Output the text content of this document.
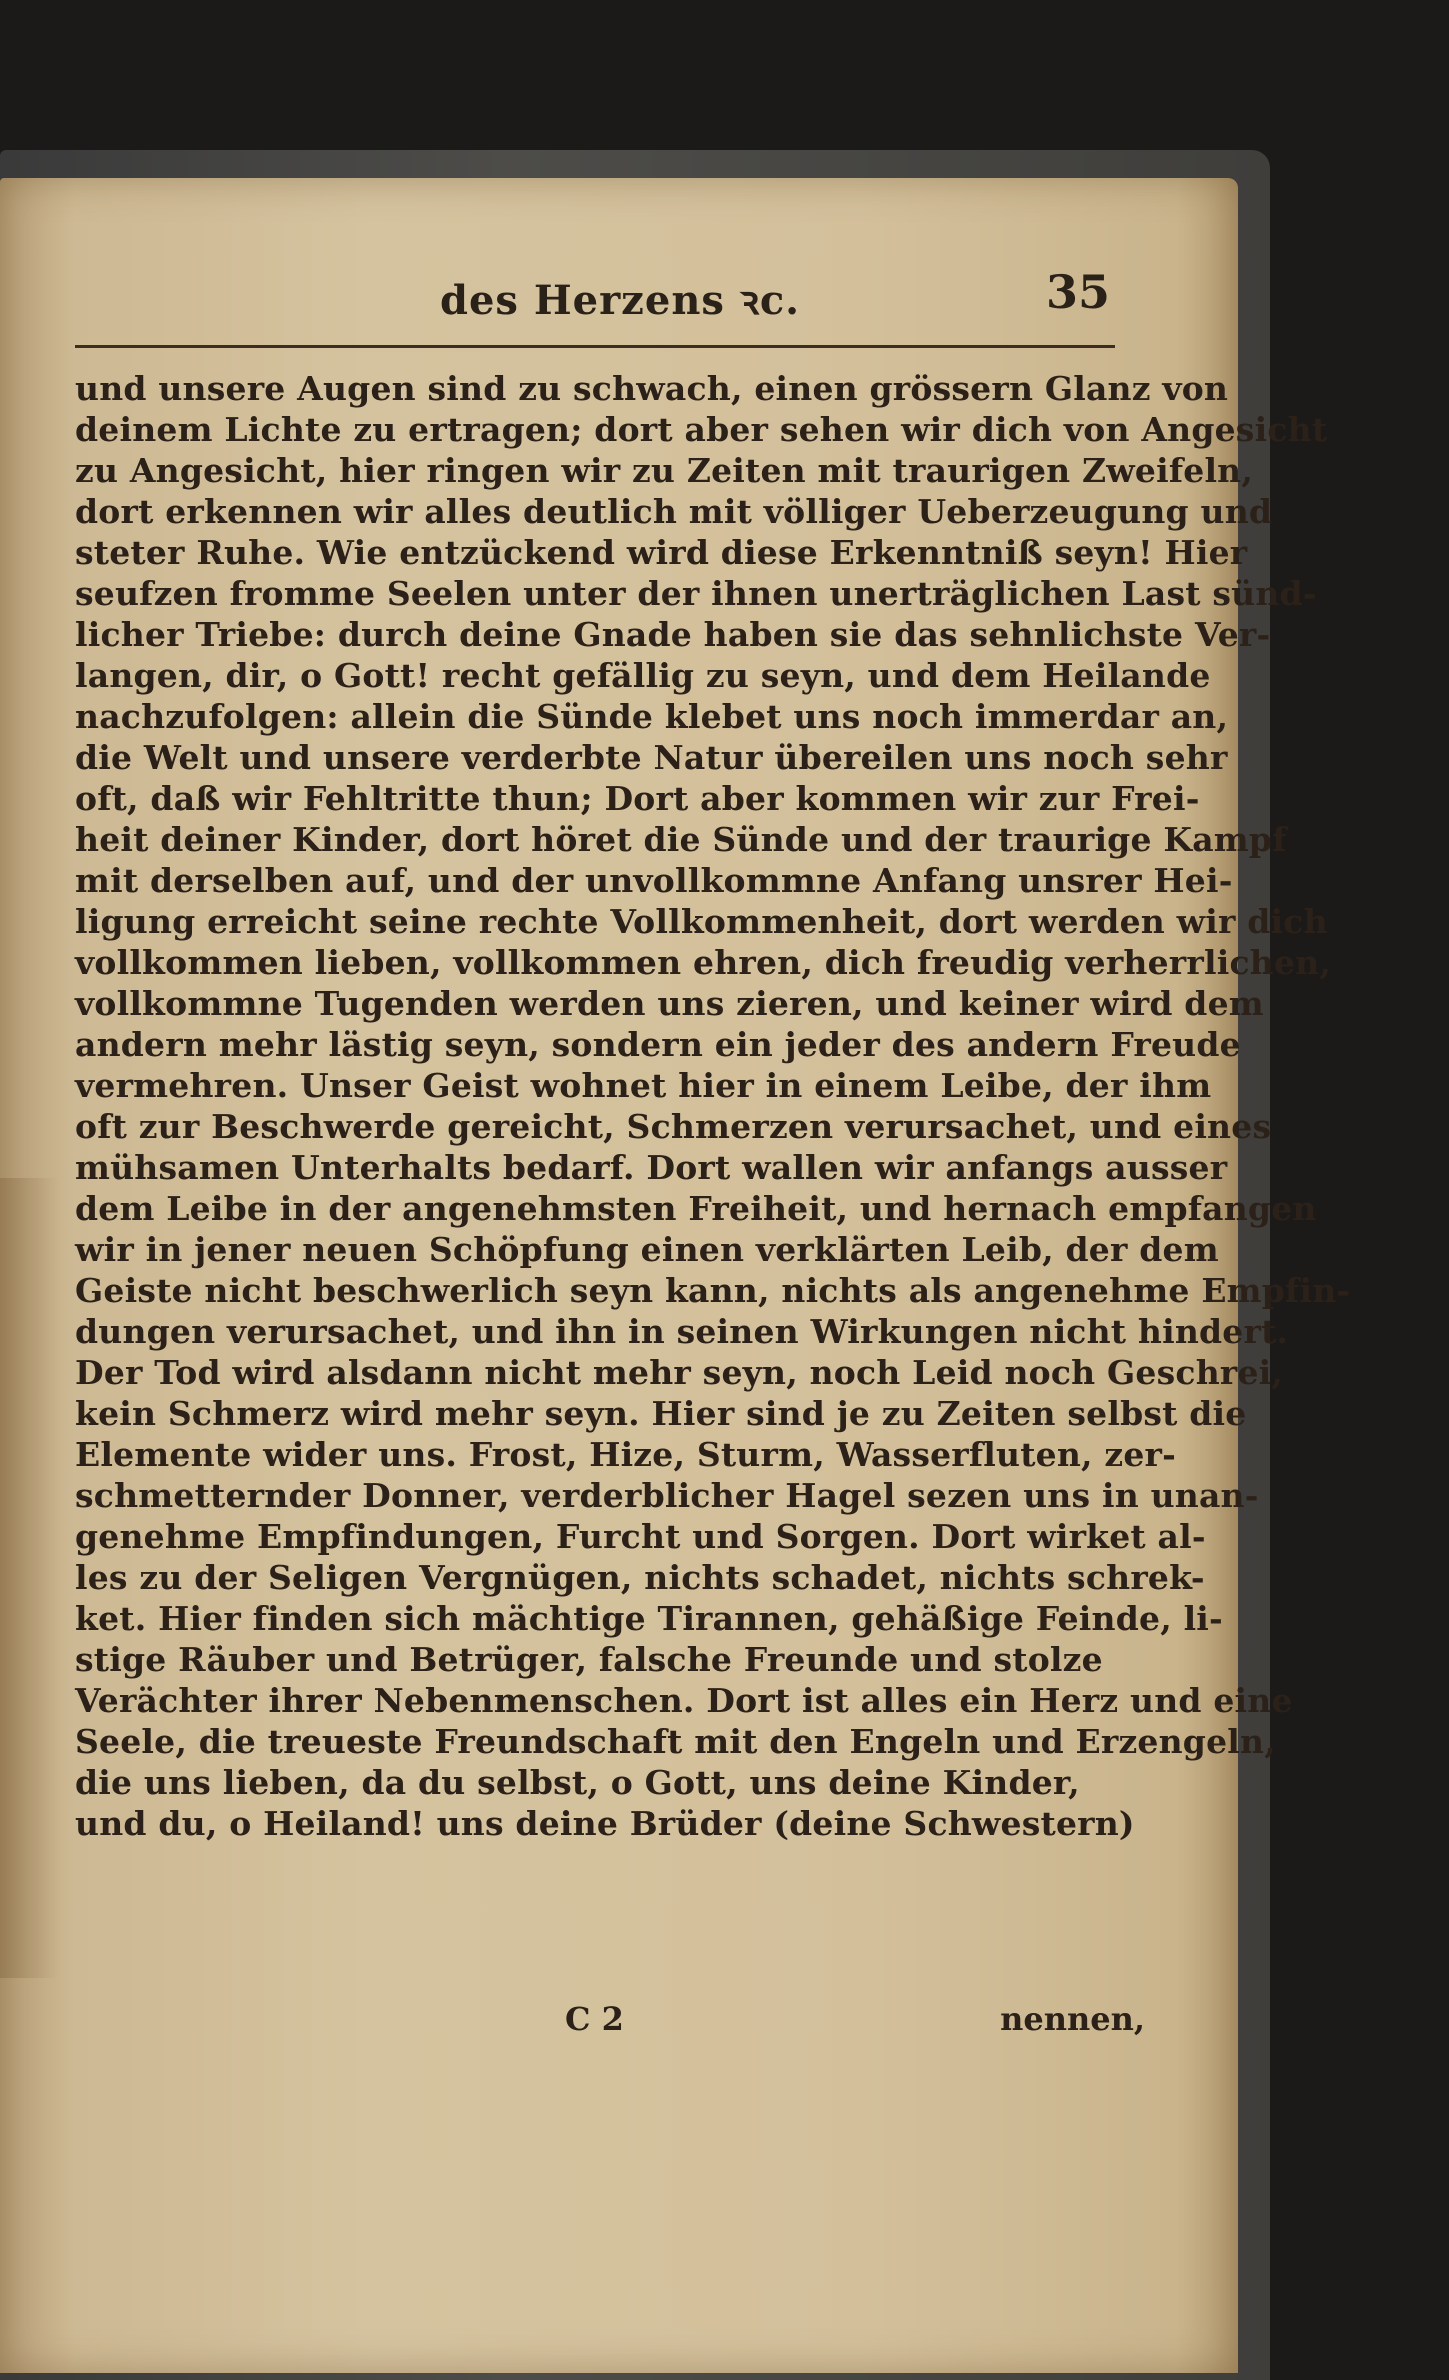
des Herzens ꝛc.	35
und unsere Augen sind zu schwach, einen grössern Glanz von
deinem Lichte zu ertragen; dort aber sehen wir dich von Angesicht
zu Angesicht, hier ringen wir zu Zeiten mit traurigen Zweifeln,
dort erkennen wir alles deutlich mit völliger Ueberzeugung und
steter Ruhe. Wie entzückend wird diese Erkenntniß seyn! Hier
seufzen fromme Seelen unter der ihnen unerträglichen Last sünd-
licher Triebe: durch deine Gnade haben sie das sehnlichste Ver-
langen, dir, o Gott! recht gefällig zu seyn, und dem Heilande
nachzufolgen: allein die Sünde klebet uns noch immerdar an,
die Welt und unsere verderbte Natur übereilen uns noch sehr
oft, daß wir Fehltritte thun; Dort aber kommen wir zur Frei-
heit deiner Kinder, dort höret die Sünde und der traurige Kampf
mit derselben auf, und der unvollkommne Anfang unsrer Hei-
ligung erreicht seine rechte Vollkommenheit, dort werden wir dich
vollkommen lieben, vollkommen ehren, dich freudig verherrlichen,
vollkommne Tugenden werden uns zieren, und keiner wird dem
andern mehr lästig seyn, sondern ein jeder des andern Freude
vermehren. Unser Geist wohnet hier in einem Leibe, der ihm
oft zur Beschwerde gereicht, Schmerzen verursachet, und eines
mühsamen Unterhalts bedarf. Dort wallen wir anfangs ausser
dem Leibe in der angenehmsten Freiheit, und hernach empfangen
wir in jener neuen Schöpfung einen verklärten Leib, der dem
Geiste nicht beschwerlich seyn kann, nichts als angenehme Empfin-
dungen verursachet, und ihn in seinen Wirkungen nicht hindert.
Der Tod wird alsdann nicht mehr seyn, noch Leid noch Geschrei,
kein Schmerz wird mehr seyn. Hier sind je zu Zeiten selbst die
Elemente wider uns. Frost, Hize, Sturm, Wasserfluten, zer-
schmetternder Donner, verderblicher Hagel sezen uns in unan-
genehme Empfindungen, Furcht und Sorgen. Dort wirket al-
les zu der Seligen Vergnügen, nichts schadet, nichts schrek-
ket. Hier finden sich mächtige Tirannen, gehäßige Feinde, li-
stige Räuber und Betrüger, falsche Freunde und stolze
Verächter ihrer Nebenmenschen. Dort ist alles ein Herz und eine
Seele, die treueste Freundschaft mit den Engeln und Erzengeln,
die uns lieben, da du selbst, o Gott, uns deine Kinder,
und du, o Heiland! uns deine Brüder (deine Schwestern)
C 2	nennen,
